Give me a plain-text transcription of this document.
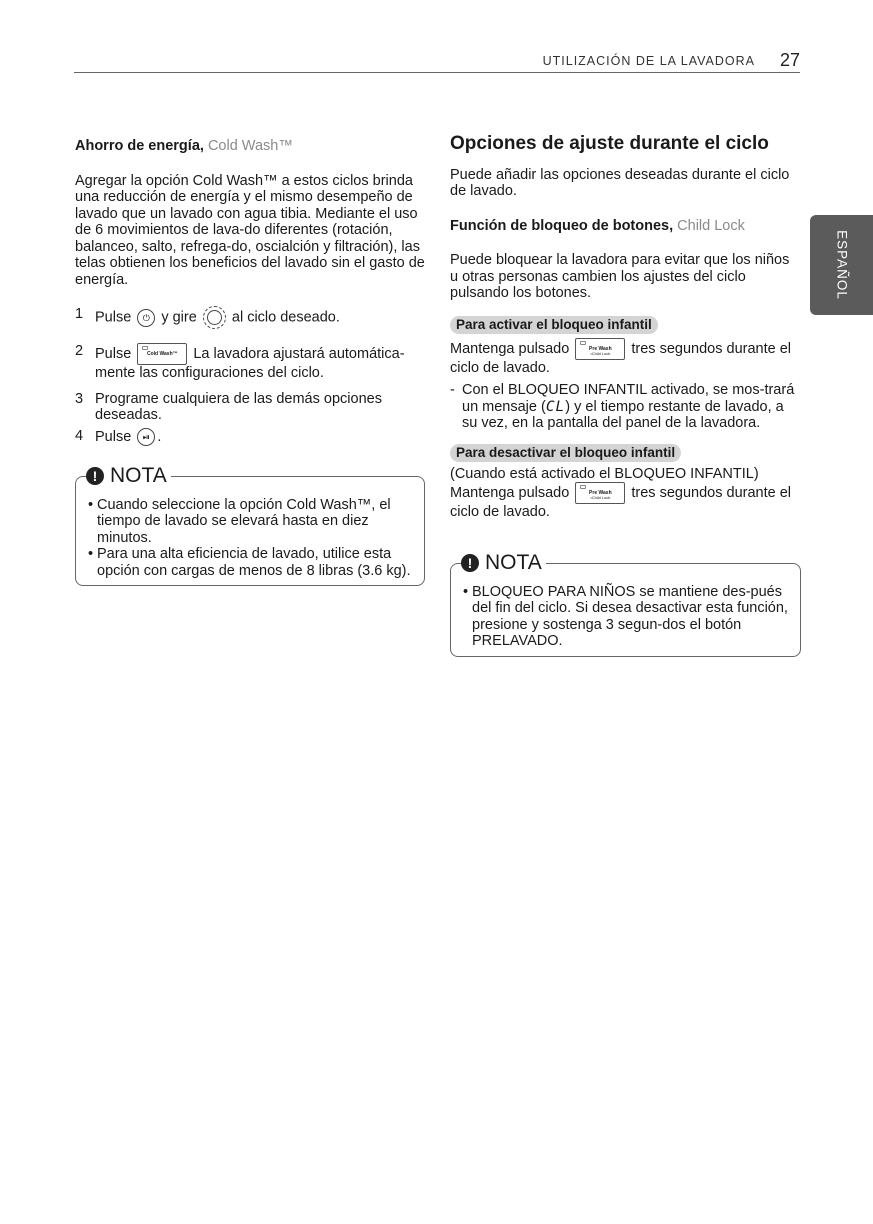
UTILIZACIÓN DE LA LAVADORA 27
ESPAÑOL

Ahorro de energía, Cold Wash™

Agregar la opción Cold Wash™ a estos ciclos brinda una reducción de energía y el mismo desempeño de lavado que un lavado con agua tibia. Mediante el uso de 6 movimientos de lava-do diferentes (rotación, balanceo, salto, refrega-do, oscialción y filtración), las telas obtienen los beneficios del lavado sin el gasto de energía.

1 Pulse ⏻ y gire al ciclo deseado.
2 Pulse	Cold Wash™	La lavadora ajustará automática-mente las configuraciones del ciclo.
3 Programe cualquiera de las demás opciones deseadas.
4 Pulse ⏯ .
! NOTA
• Cuando seleccione la opción Cold Wash™, el tiempo de lavado se elevará hasta en diez minutos.
• Para una alta eficiencia de lavado, utilice esta opción con cargas de menos de 8 libras (3.6 kg).

Opciones de ajuste durante el ciclo

Puede añadir las opciones deseadas durante el ciclo de lavado.

Función de bloqueo de botones, Child Lock

Puede bloquear la lavadora para evitar que los niños u otras personas cambien los ajustes del ciclo pulsando los botones.

Para activar el bloqueo infantil

Mantenga pulsado	Pre Wash
•Child Lock	tres segundos durante el ciclo de lavado.

- Con el BLOQUEO INFANTIL activado, se mos-trará un mensaje (CL) y el tiempo restante de lavado, a su vez, en la pantalla del panel de la lavadora.

Para desactivar el bloqueo infantil

(Cuando está activado el BLOQUEO INFANTIL)

Mantenga pulsado	Pre Wash
•Child Lock	tres segundos durante el ciclo de lavado.

! NOTA
• BLOQUEO PARA NIÑOS se mantiene des-pués del fin del ciclo. Si desea desactivar esta función, presione y sostenga 3 segun-dos el botón PRELAVADO.
